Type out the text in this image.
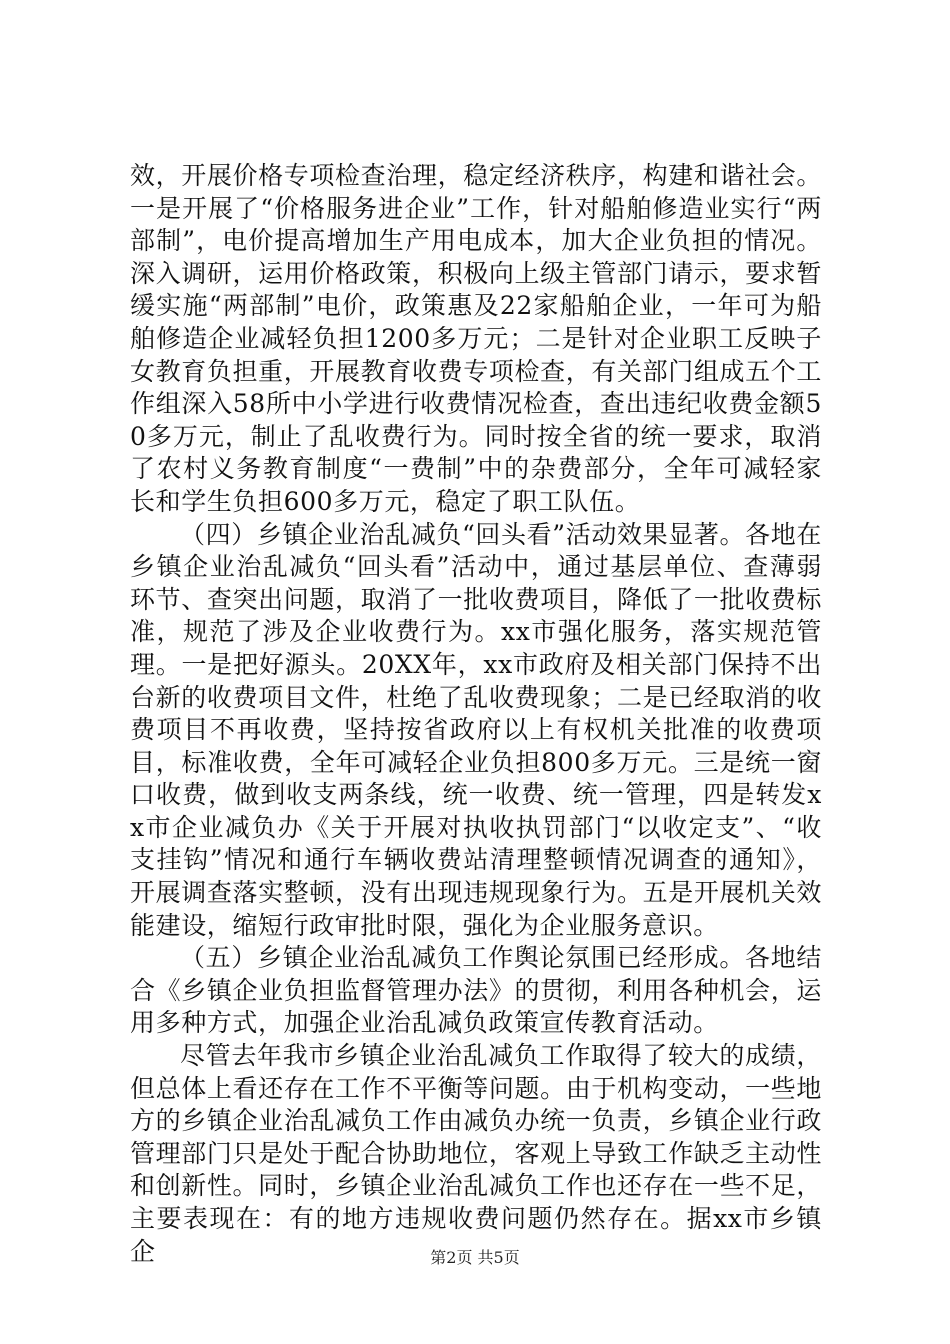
效，开展价格专项检查治理，稳定经济秩序，构建和谐社会。一是开展了“价格服务进企业”工作，针对船舶修造业实行“两部制”，电价提高增加生产用电成本，加大企业负担的情况。深入调研，运用价格政策，积极向上级主管部门请示，要求暂缓实施“两部制”电价，政策惠及22家船舶企业，一年可为船舶修造企业减轻负担1200多万元；二是针对企业职工反映子女教育负担重，开展教育收费专项检查，有关部门组成五个工作组深入58所中小学进行收费情况检查，查出违纪收费金额50多万元，制止了乱收费行为。同时按全省的统一要求，取消了农村义务教育制度“一费制”中的杂费部分，全年可减轻家长和学生负担600多万元，稳定了职工队伍。

（四）乡镇企业治乱减负“回头看”活动效果显著。各地在乡镇企业治乱减负“回头看”活动中，通过基层单位、查薄弱环节、查突出问题，取消了一批收费项目，降低了一批收费标准，规范了涉及企业收费行为。xx市强化服务，落实规范管理。一是把好源头。20XX年，xx市政府及相关部门保持不出台新的收费项目文件，杜绝了乱收费现象；二是已经取消的收费项目不再收费，坚持按省政府以上有权机关批准的收费项目，标准收费，全年可减轻企业负担800多万元。三是统一窗口收费，做到收支两条线，统一收费、统一管理，四是转发xx市企业减负办《关于开展对执收执罚部门“以收定支”、“收支挂钩”情况和通行车辆收费站清理整顿情况调查的通知》，开展调查落实整顿，没有出现违规现象行为。五是开展机关效能建设，缩短行政审批时限，强化为企业服务意识。

（五）乡镇企业治乱减负工作舆论氛围已经形成。各地结合《乡镇企业负担监督管理办法》的贯彻，利用各种机会，运用多种方式，加强企业治乱减负政策宣传教育活动。

尽管去年我市乡镇企业治乱减负工作取得了较大的成绩，但总体上看还存在工作不平衡等问题。由于机构变动，一些地方的乡镇企业治乱减负工作由减负办统一负责，乡镇企业行政管理部门只是处于配合协助地位，客观上导致工作缺乏主动性和创新性。同时，乡镇企业治乱减负工作也还存在一些不足，主要表现在：有的地方违规收费问题仍然存在。据xx市乡镇企	第2页 共5页
